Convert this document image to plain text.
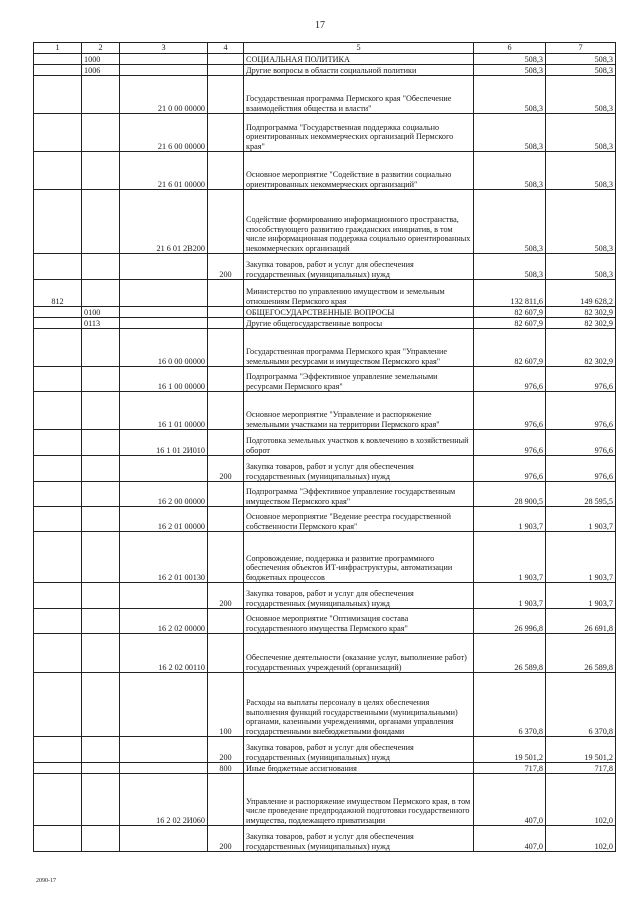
17
1	2	3	4	5	6	7
	1000			СОЦИАЛЬНАЯ ПОЛИТИКА	508,3	508,3
	1006			Другие вопросы в области социальной политики	508,3	508,3
		21 0 00 00000		Государственная программа Пермского края "Обеспечение взаимодействия общества и власти"	508,3	508,3
		21 6 00 00000		Подпрограмма "Государственная поддержка социально ориентированных некоммерческих организаций Пермского края"	508,3	508,3
		21 6 01 00000		Основное мероприятие "Содействие в развитии социально ориентированных некоммерческих организаций"	508,3	508,3
		21 6 01 2В200		Содействие формированию информационного пространства, способствующего развитию гражданских инициатив, в том числе информационная поддержка социально ориентированных некоммерческих организаций	508,3	508,3
			200	Закупка товаров, работ и услуг для обеспечения государственных (муниципальных) нужд	508,3	508,3
812				Министерство по управлению имуществом и земельным отношениям Пермского края	132 811,6	149 628,2
	0100			ОБЩЕГОСУДАРСТВЕННЫЕ ВОПРОСЫ	82 607,9	82 302,9
	0113			Другие общегосударственные вопросы	82 607,9	82 302,9
		16 0 00 00000		Государственная программа Пермского края "Управление земельными ресурсами и имуществом Пермского края"	82 607,9	82 302,9
		16 1 00 00000		Подпрограмма "Эффективное управление земельными ресурсами Пермского края"	976,6	976,6
		16 1 01 00000		Основное мероприятие "Управление и распоряжение земельными участками на территории Пермского края"	976,6	976,6
		16 1 01 2И010		Подготовка земельных участков к вовлечению в хозяйственный оборот	976,6	976,6
			200	Закупка товаров, работ и услуг для обеспечения государственных (муниципальных) нужд	976,6	976,6
		16 2 00 00000		Подпрограмма "Эффективное управление государственным имуществом Пермского края"	28 900,5	28 595,5
		16 2 01 00000		Основное мероприятие "Ведение реестра государственной собственности Пермского края"	1 903,7	1 903,7
		16 2 01 00130		Сопровождение, поддержка и развитие программного обеспечения объектов ИТ-инфраструктуры, автоматизации бюджетных процессов	1 903,7	1 903,7
			200	Закупка товаров, работ и услуг для обеспечения государственных (муниципальных) нужд	1 903,7	1 903,7
		16 2 02 00000		Основное мероприятие "Оптимизация состава государственного имущества Пермского края"	26 996,8	26 691,8
		16 2 02 00110		Обеспечение деятельности (оказание услуг, выполнение работ) государственных учреждений (организаций)	26 589,8	26 589,8
			100	Расходы на выплаты персоналу в целях обеспечения выполнения функций государственными (муниципальными) органами, казенными учреждениями, органами управления государственными внебюджетными фондами	6 370,8	6 370,8
			200	Закупка товаров, работ и услуг для обеспечения государственных (муниципальных) нужд	19 501,2	19 501,2
			800	Иные бюджетные ассигнования	717,8	717,8
		16 2 02 2И060		Управление и распоряжение имуществом Пермского края, в том числе проведение предпродажной подготовки государственного имущества, подлежащего приватизации	407,0	102,0
			200	Закупка товаров, работ и услуг для обеспечения государственных (муниципальных) нужд	407,0	102,0
2090-17
